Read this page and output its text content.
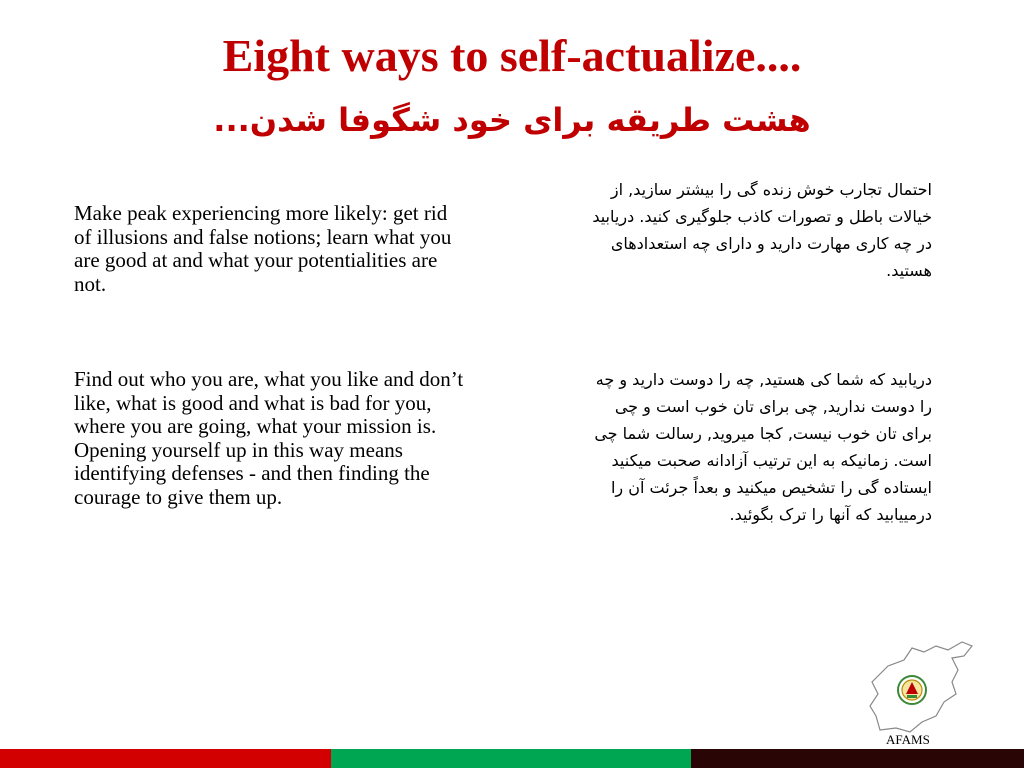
Eight ways to self-actualize....
هشت طریقه برای خود شگوفا شدن...
Make peak experiencing more likely: get rid of illusions and false notions; learn what you are good at and what your potentialities are not.
Find out who you are, what you like and don’t like, what is good and what is bad for you, where you are going, what your mission is. Opening yourself up in this way means identifying defenses - and then finding the courage to give them up.
احتمال تجارب خوش زنده گی را بیشتر سازید, از خیالات باطل و تصورات کاذب جلوگیری کنید. دریابید در چه کاری مهارت دارید و دارای چه استعدادهای هستید.
دریابید که شما کی هستید, چه را دوست دارید و چه را دوست ندارید, چی برای تان خوب است و چی برای تان خوب نیست, کجا میروید, رسالت شما چی است. زمانیکه به این ترتیب آزادانه صحبت میکنید ایستاده گی را تشخیص میکنید و بعداً جرئت آن را درمییابید که آنها را ترک بگوئید.
AFAMS
